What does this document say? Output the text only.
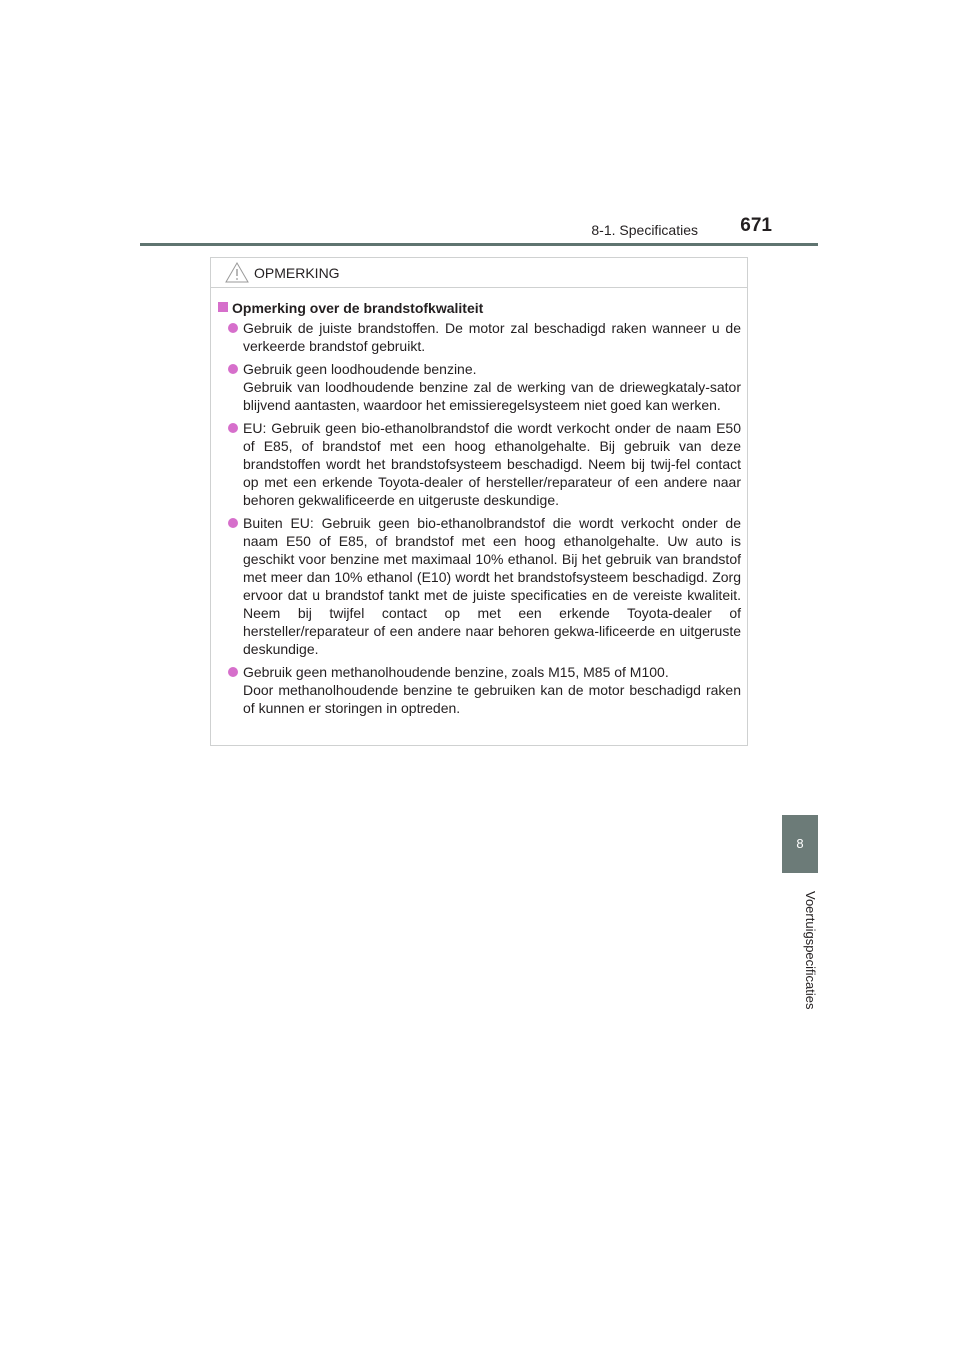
8-1. Specificaties 671
8
Voertuigspecificaties
OPMERKING
Opmerking over de brandstofkwaliteit
Gebruik de juiste brandstoffen. De motor zal beschadigd raken wanneer u de verkeerde brandstof gebruikt.
Gebruik geen loodhoudende benzine.
Gebruik van loodhoudende benzine zal de werking van de driewegkataly-sator blijvend aantasten, waardoor het emissieregelsysteem niet goed kan werken.
EU: Gebruik geen bio-ethanolbrandstof die wordt verkocht onder de naam E50 of E85, of brandstof met een hoog ethanolgehalte. Bij gebruik van deze brandstoffen wordt het brandstofsysteem beschadigd. Neem bij twij-fel contact op met een erkende Toyota-dealer of hersteller/reparateur of een andere naar behoren gekwalificeerde en uitgeruste deskundige.
Buiten EU: Gebruik geen bio-ethanolbrandstof die wordt verkocht onder de naam E50 of E85, of brandstof met een hoog ethanolgehalte. Uw auto is geschikt voor benzine met maximaal 10% ethanol. Bij het gebruik van brandstof met meer dan 10% ethanol (E10) wordt het brandstofsysteem beschadigd. Zorg ervoor dat u brandstof tankt met de juiste specificaties en de vereiste kwaliteit. Neem bij twijfel contact op met een erkende Toyota-dealer of hersteller/reparateur of een andere naar behoren gekwa-lificeerde en uitgeruste deskundige.
Gebruik geen methanolhoudende benzine, zoals M15, M85 of M100.
Door methanolhoudende benzine te gebruiken kan de motor beschadigd raken of kunnen er storingen in optreden.
